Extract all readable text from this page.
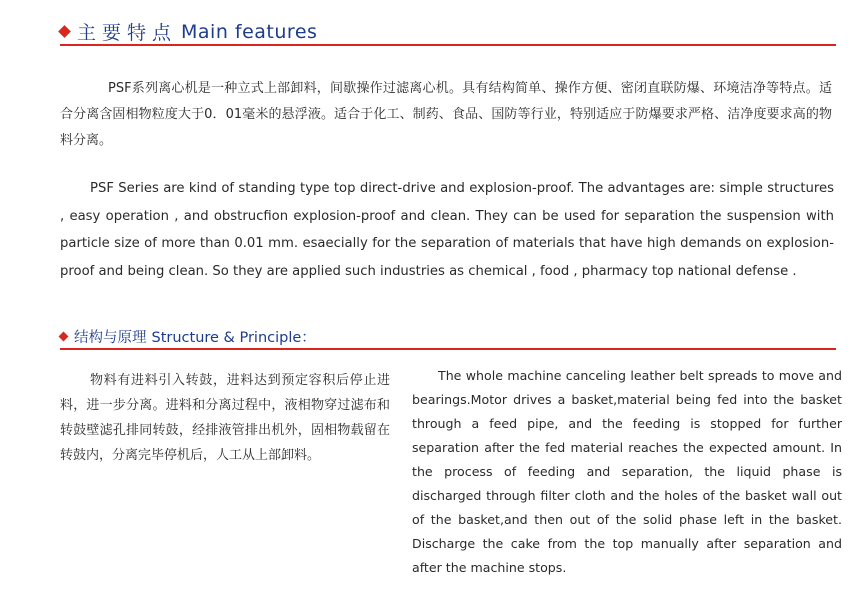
主要特点 Main features

PSF系列离心机是一种立式上部卸料，间歇操作过滤离心机。具有结构简单、操作方便、密闭直联防爆、环境洁净等特点。适合分离含固相物粒度大于0．01毫米的悬浮液。适合于化工、制药、食品、国防等行业，特别适应于防爆要求严格、洁净度要求高的物料分离。

PSF Series are kind of standing type top direct-drive and explosion-proof. The advantages are: simple structures , easy operation , and obstrucfion explosion-proof and clean. They can be used for separation the suspension with particle size of more than 0.01 mm. esaecially for the separation of materials that have high demands on explosion-proof and being clean. So they are applied such industries as chemical , food , pharmacy top nationaI defense .

结构与原理 Structure & Principle：

物料有进料引入转鼓，进料达到预定容积后停止进料，进一步分离。进料和分离过程中，液相物穿过滤布和转鼓壁滤孔排同转鼓，经排液管排出机外，固相物载留在转鼓内，分离完毕停机后，人工从上部卸料。

The whole machine canceling leather belt spreads to move and bearings.Motor drives a basket,material being fed into the basket through a feed pipe, and the feeding is stopped for further separation after the fed material reaches the expected amount. In the process of feeding and separation, the liquid phase is discharged through filter cloth and the holes of the basket wall out of the basket,and then out of the solid phase left in the basket. Discharge the cake from the top manually after separation and after the machine stops.
